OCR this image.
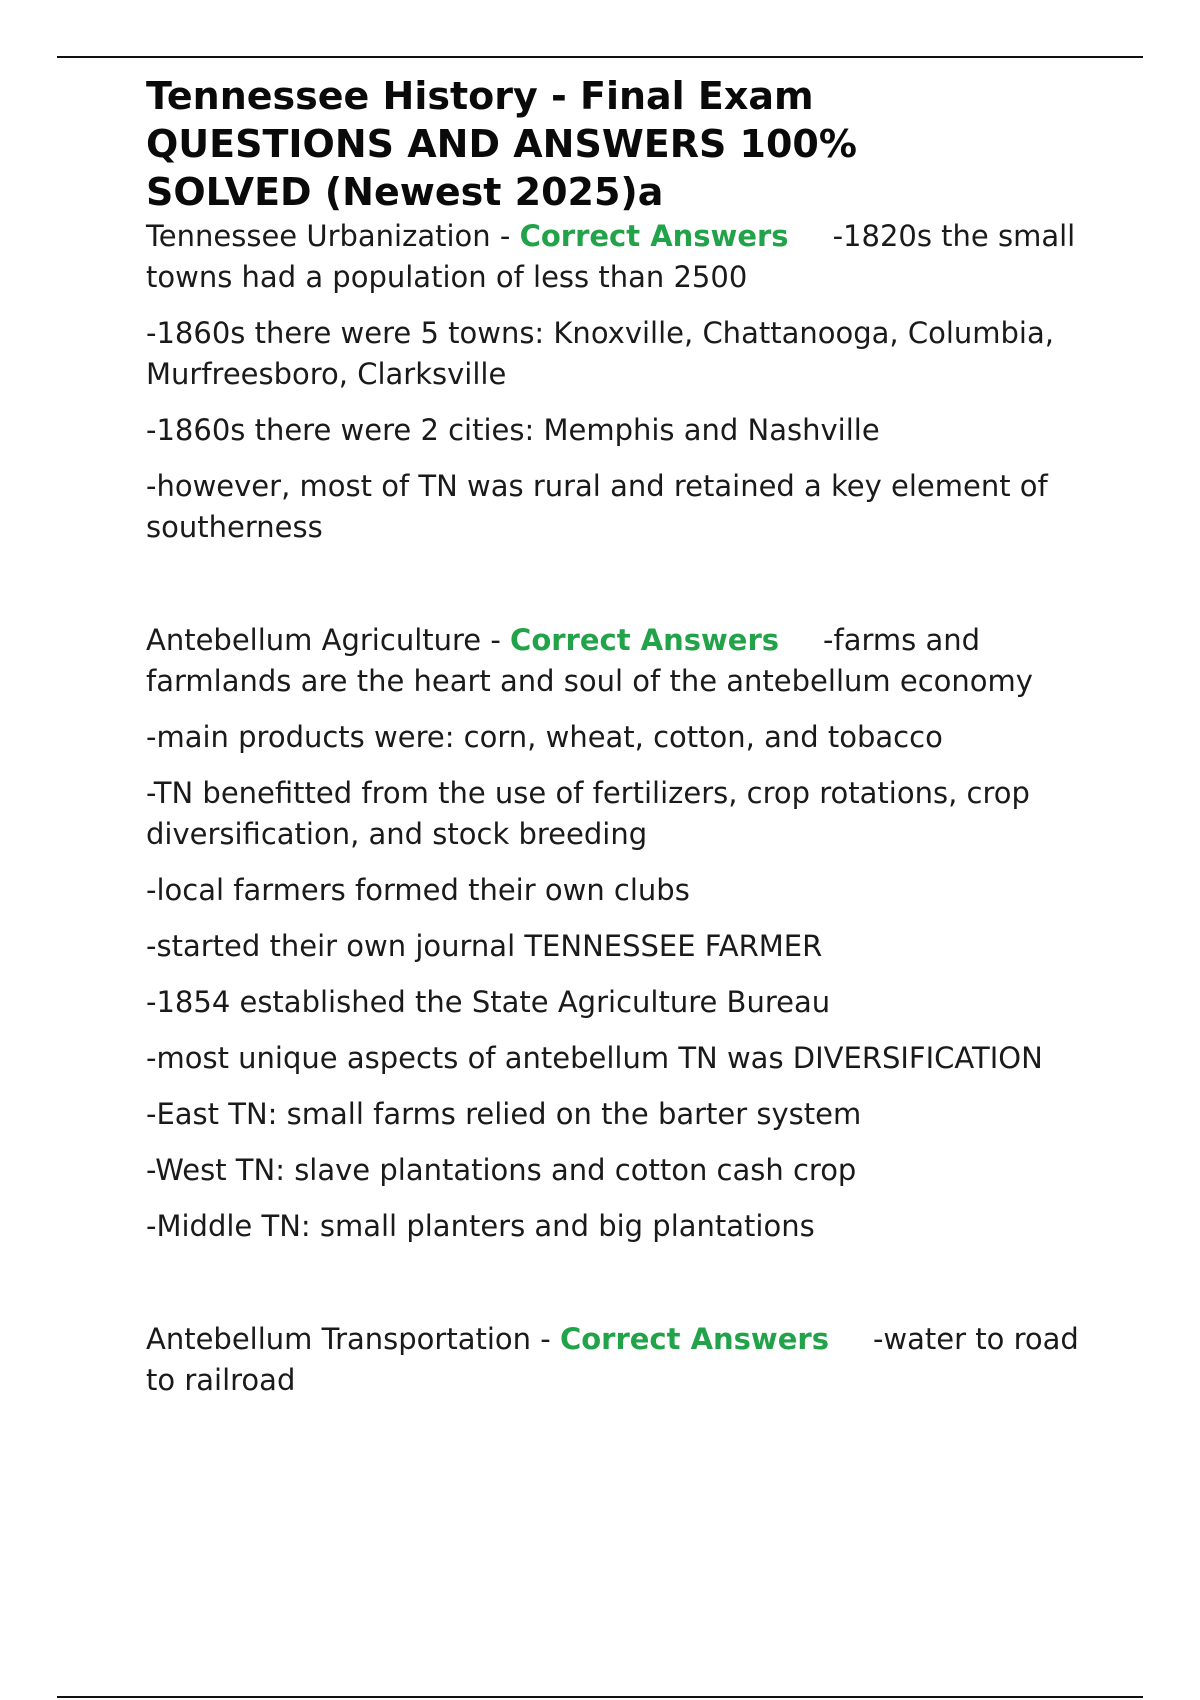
Tennessee History - Final Exam
QUESTIONS AND ANSWERS 100%
SOLVED (Newest 2025)a

Tennessee Urbanization - Correct Answers -1820s the small towns had a population of less than 2500

-1860s there were 5 towns: Knoxville, Chattanooga, Columbia, Murfreesboro, Clarksville

-1860s there were 2 cities: Memphis and Nashville

-however, most of TN was rural and retained a key element of southerness

Antebellum Agriculture - Correct Answers -farms and farmlands are the heart and soul of the antebellum economy

-main products were: corn, wheat, cotton, and tobacco

-TN benefitted from the use of fertilizers, crop rotations, crop diversification, and stock breeding

-local farmers formed their own clubs

-started their own journal TENNESSEE FARMER

-1854 established the State Agriculture Bureau

-most unique aspects of antebellum TN was DIVERSIFICATION

-East TN: small farms relied on the barter system

-West TN: slave plantations and cotton cash crop

-Middle TN: small planters and big plantations

Antebellum Transportation - Correct Answers -water to road to railroad
